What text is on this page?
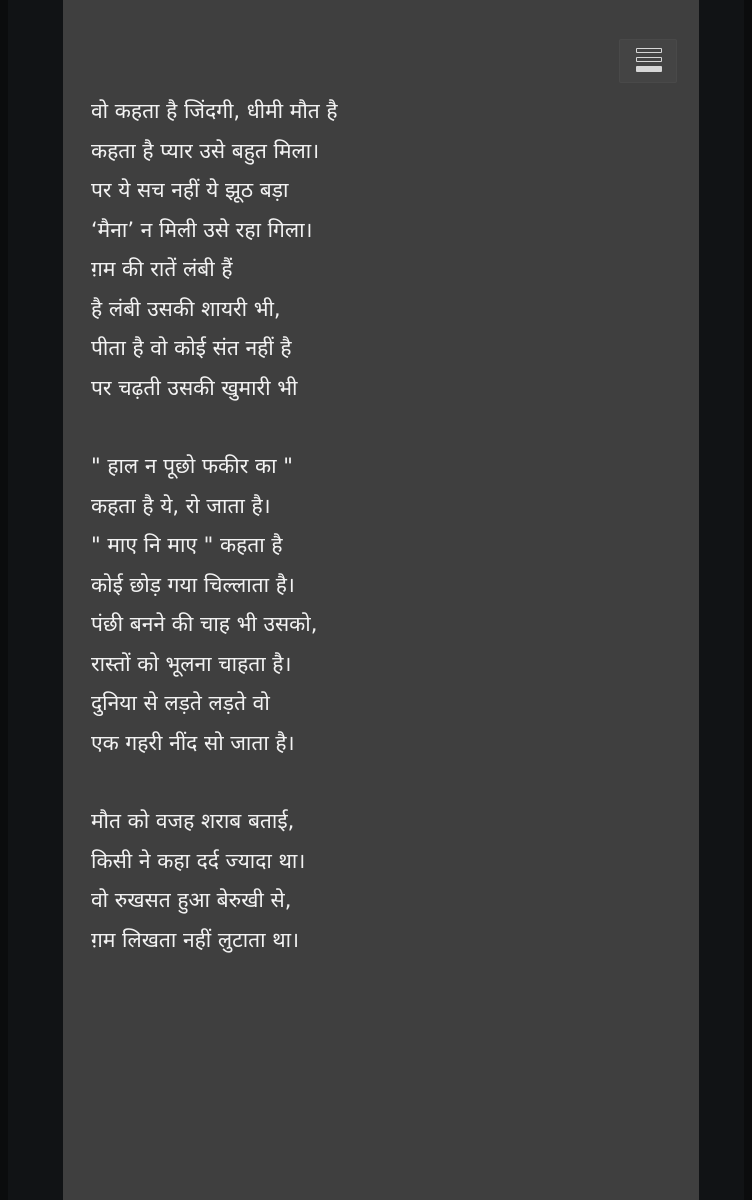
वो कहता है जिंदगी, धीमी मौत है
कहता है प्यार उसे बहुत मिला।
पर ये सच नहीं ये झूठ बड़ा
‘मैना’ न मिली उसे रहा गिला।
ग़म की रातें लंबी हैं
है लंबी उसकी शायरी भी,
पीता है वो कोई संत नहीं है
पर चढ़ती उसकी खुमारी भी
" हाल न पूछो फकीर का "
कहता है ये, रो जाता है।
" माए नि माए " कहता है
कोई छोड़ गया चिल्लाता है।
पंछी बनने की चाह भी उसको,
रास्तों को भूलना चाहता है।
दुनिया से लड़ते लड़ते वो
एक गहरी नींद सो जाता है।
मौत को वजह शराब बताई,
किसी ने कहा दर्द ज्यादा था।
वो रुखसत हुआ बेरुखी से,
ग़म लिखता नहीं लुटाता था।
